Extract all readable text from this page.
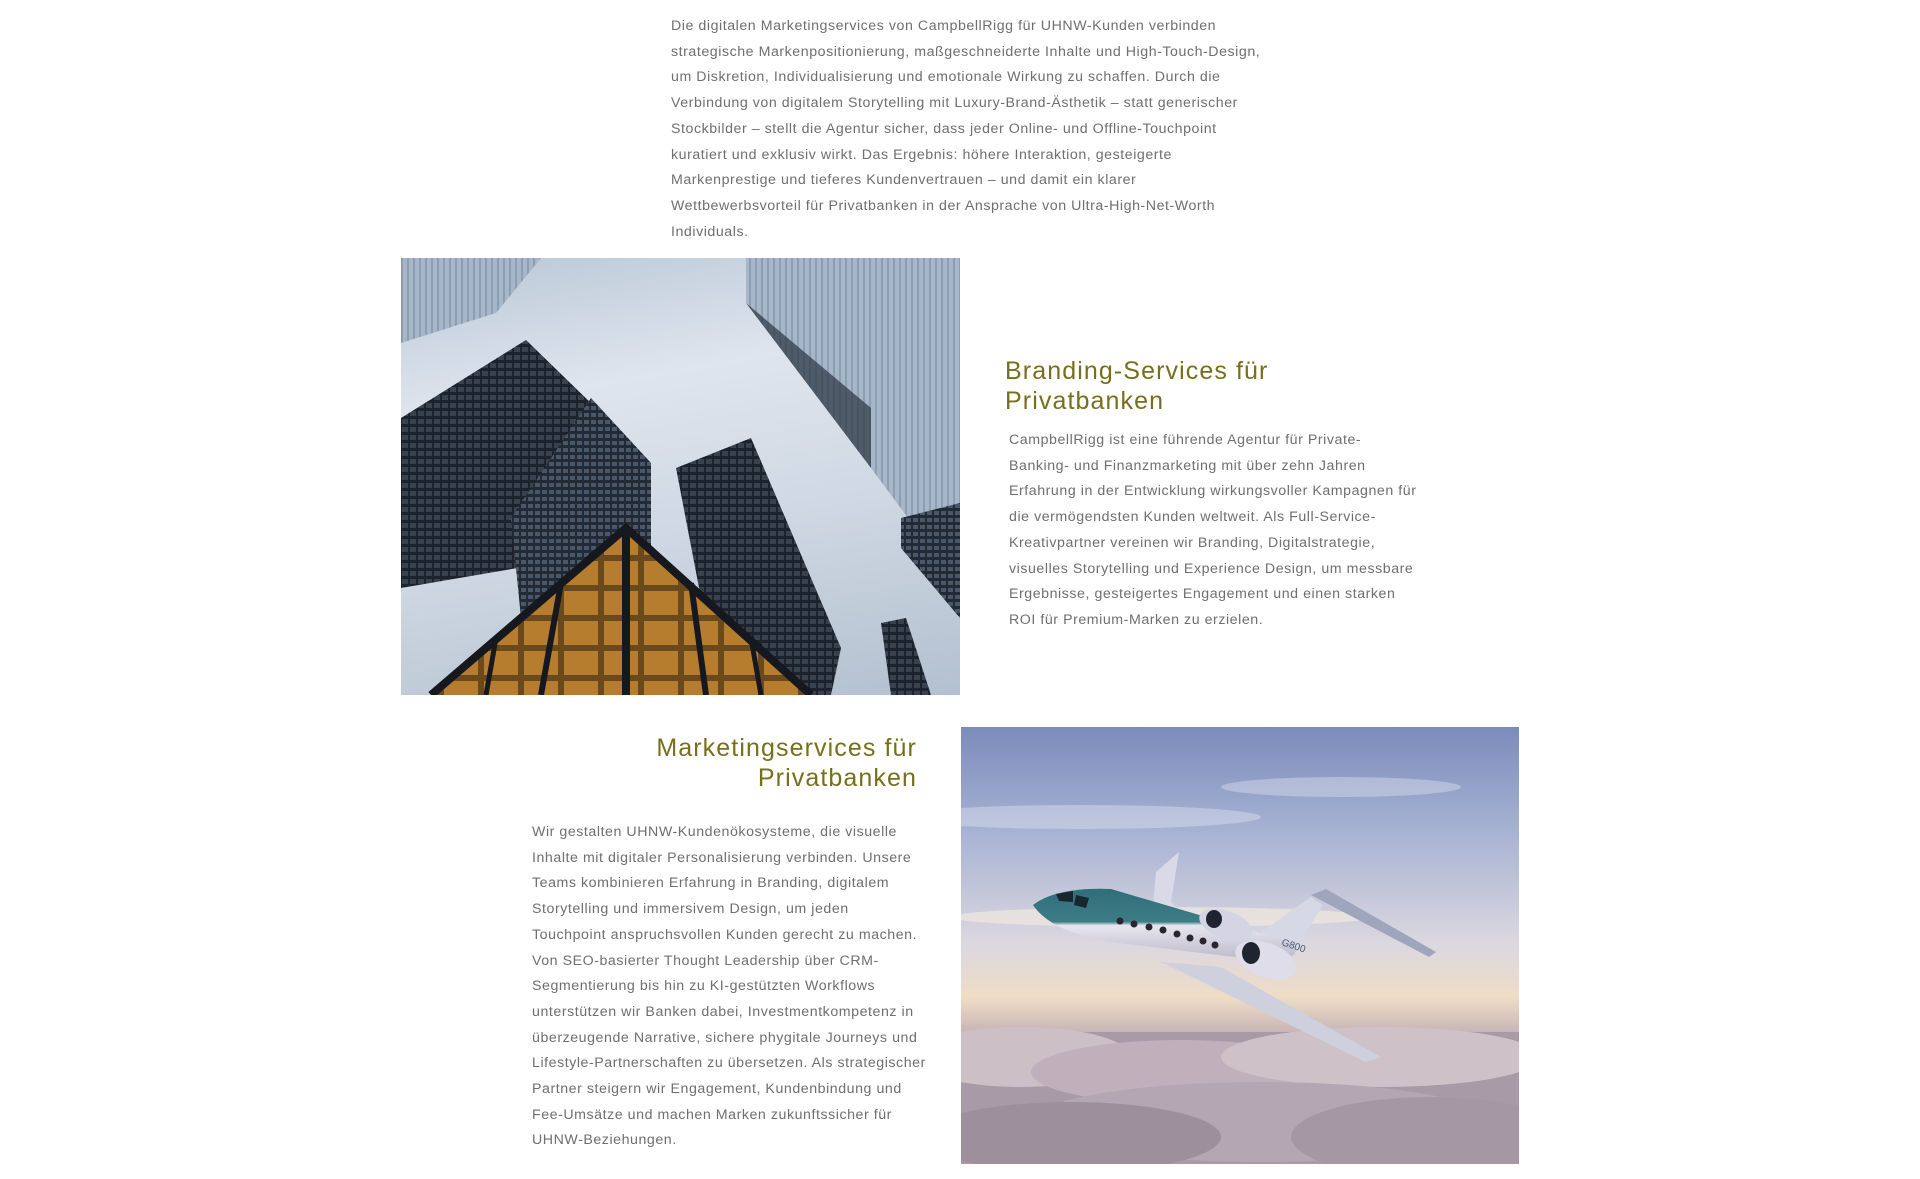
Die digitalen Marketingservices von CampbellRigg für UHNW-Kunden verbinden strategische Markenpositionierung, maßgeschneiderte Inhalte und High-Touch-Design, um Diskretion, Individualisierung und emotionale Wirkung zu schaffen. Durch die Verbindung von digitalem Storytelling mit Luxury-Brand-Ästhetik – statt generischer Stockbilder – stellt die Agentur sicher, dass jeder Online- und Offline-Touchpoint kuratiert und exklusiv wirkt. Das Ergebnis: höhere Interaktion, gesteigerte Markenprestige und tieferes Kundenvertrauen – und damit ein klarer Wettbewerbsvorteil für Privatbanken in der Ansprache von Ultra-High-Net-Worth Individuals.

Branding-Services für
Privatbanken

CampbellRigg ist eine führende Agentur für Private-Banking- und Finanzmarketing mit über zehn Jahren Erfahrung in der Entwicklung wirkungsvoller Kampagnen für die vermögendsten Kunden weltweit. Als Full-Service-Kreativpartner vereinen wir Branding, Digitalstrategie, visuelles Storytelling und Experience Design, um messbare Ergebnisse, gesteigertes Engagement und einen starken ROI für Premium-Marken zu erzielen.

Marketingservices für
Privatbanken

Wir gestalten UHNW-Kundenökosysteme, die visuelle Inhalte mit digitaler Personalisierung verbinden. Unsere Teams kombinieren Erfahrung in Branding, digitalem Storytelling und immersivem Design, um jeden Touchpoint anspruchsvollen Kunden gerecht zu machen. Von SEO-basierter Thought Leadership über CRM-Segmentierung bis hin zu KI-gestützten Workflows unterstützen wir Banken dabei, Investmentkompetenz in überzeugende Narrative, sichere phygitale Journeys und Lifestyle-Partnerschaften zu übersetzen. Als strategischer Partner steigern wir Engagement, Kundenbindung und Fee-Umsätze und machen Marken zukunftssicher für UHNW-Beziehungen.

G800
